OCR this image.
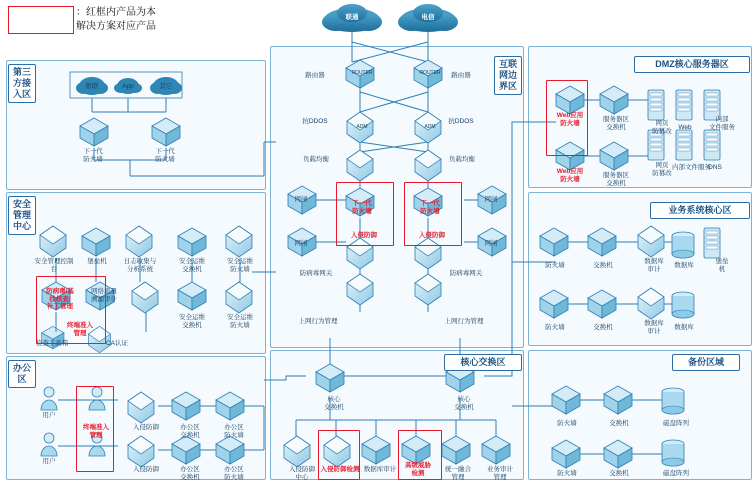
：红框内产品为本
解决方案对应产品
第三方接入区
安全管理中心
办公区
互联网边界区
核心交换区
DMZ核心服务器区
业务系统核心区
备份区域
联通	电信
银联	App	其它
下一代
防火墙
下一代
防火墙
安全管理控制台
堡垒机	日志收集与
分析系统
安全运维
交换机
安全运维
防火墙
防病毒/基
线核查/
补丁管理
网络流量
溯源审计
安全运维
交换机
安全运维
防火墙
终端准入
管理
检查工具箱	CA认证
用户
用户
终端准入
管理
入侵防御	办公区
交换机
办公区
防火墙
入侵防御	办公区
交换机
办公区
防火墙
路由器	路由器
抗DDOS	抗DDOS
负载均衡	负载均衡
下一代
防火墙
下一代
防火墙
入侵防御	入侵防御
防病毒网关	防病毒网关
上网行为管理	上网行为管理
网闸	网闸
网闸	网闸
ROUTER	ROUTER
ADM	ADM
核心
交换机
核心
交换机
入侵防御
中心
入侵防御检测 数据库审计
高级威胁
检测	统一融合
管理
业务审计
管理
Web应用
防火墙
Web应用
防火墙
服务器区
交换机
服务器区
交换机
网页
防篡改
网页
防篡改
Web
内部
文件服务
内部文件服务
DNS
防火墙	交换机
数据库
审计	数据库
堡垒
机
防火墙	交换机
数据库
审计	数据库
防火墙	交换机	磁盘阵列
防火墙	交换机	磁盘阵列
